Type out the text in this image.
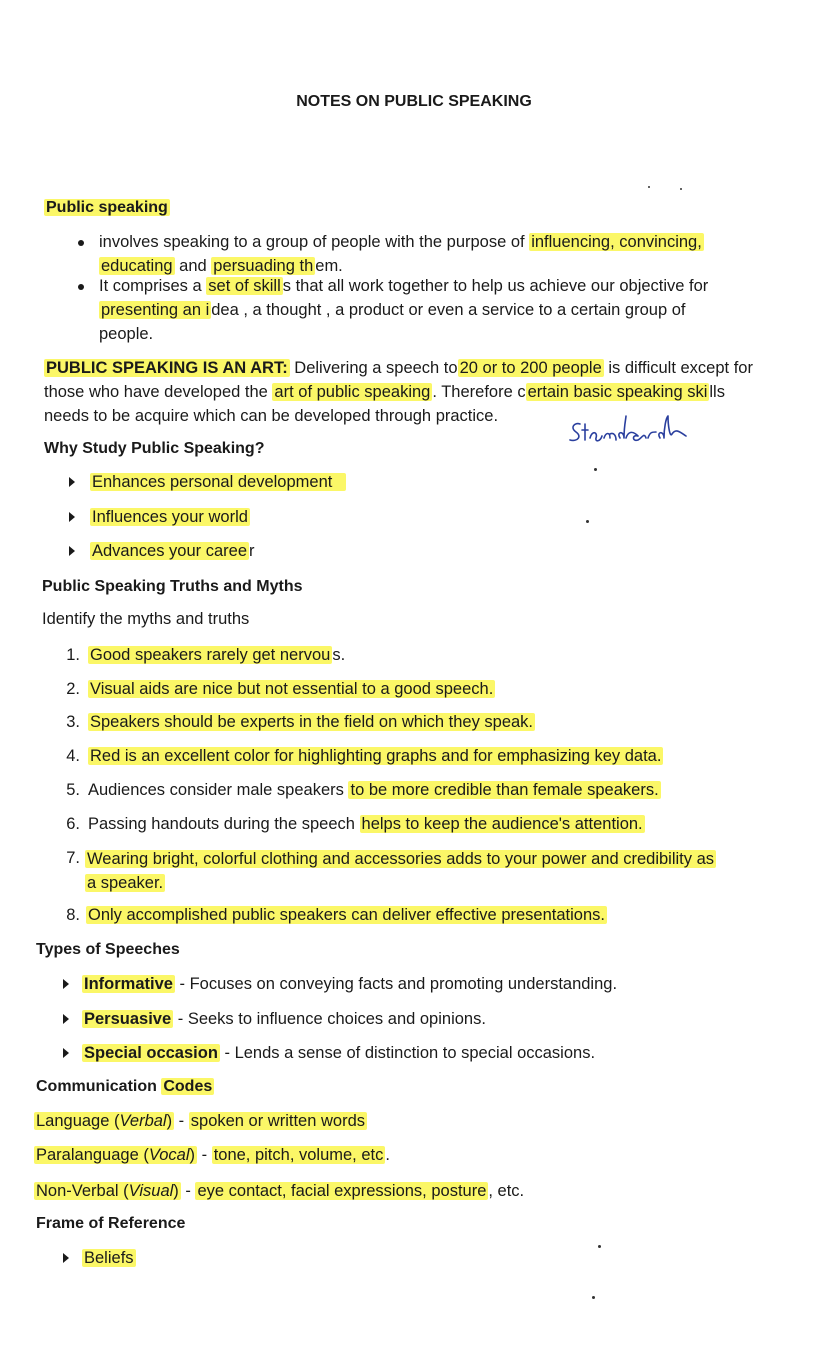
NOTES ON PUBLIC SPEAKING
Public speaking
involves speaking to a group of people with the purpose of influencing, convincing,
educating and persuading th em.
It comprises a set of skill s that all work together to help us achieve our objective for
presenting an i dea , a thought , a product or even a service to a certain group of
people.
PUBLIC SPEAKING IS AN ART: Delivering a speech to 20 or to 200 people is difficult except for
those who have developed the art of public speaking . Therefore c ertain basic speaking ski lls
needs to be acquire which can be developed through practice.
Why Study Public Speaking?
Enhances personal development
Influences your world
Advances your caree r
Public Speaking Truths and Myths
Identify the myths and truths
1. Good speakers rarely get nervou s.
2. Visual aids are nice but not essential to a good speech.
3. Speakers should be experts in the field on which they speak.
4. Red is an excellent color for highlighting graphs and for emphasizing key data.
5. Audiences consider male speakers to be more credible than female speakers.
6. Passing handouts during the speech helps to keep the audience's attention.
7. Wearing bright, colorful clothing and accessories adds to your power and credibility as
a speaker.
8. Only accomplished public speakers can deliver effective presentations.
Types of Speeches
Informative - Focuses on conveying facts and promoting understanding.
Persuasive - Seeks to influence choices and opinions.
Special occasion - Lends a sense of distinction to special occasions.
Communication Codes
Language (Verbal) - spoken or written words
Paralanguage (Vocal) - tone, pitch, volume, etc .
Non-Verbal (Visual) - eye contact, facial expressions, posture , etc.
Frame of Reference
Beliefs
